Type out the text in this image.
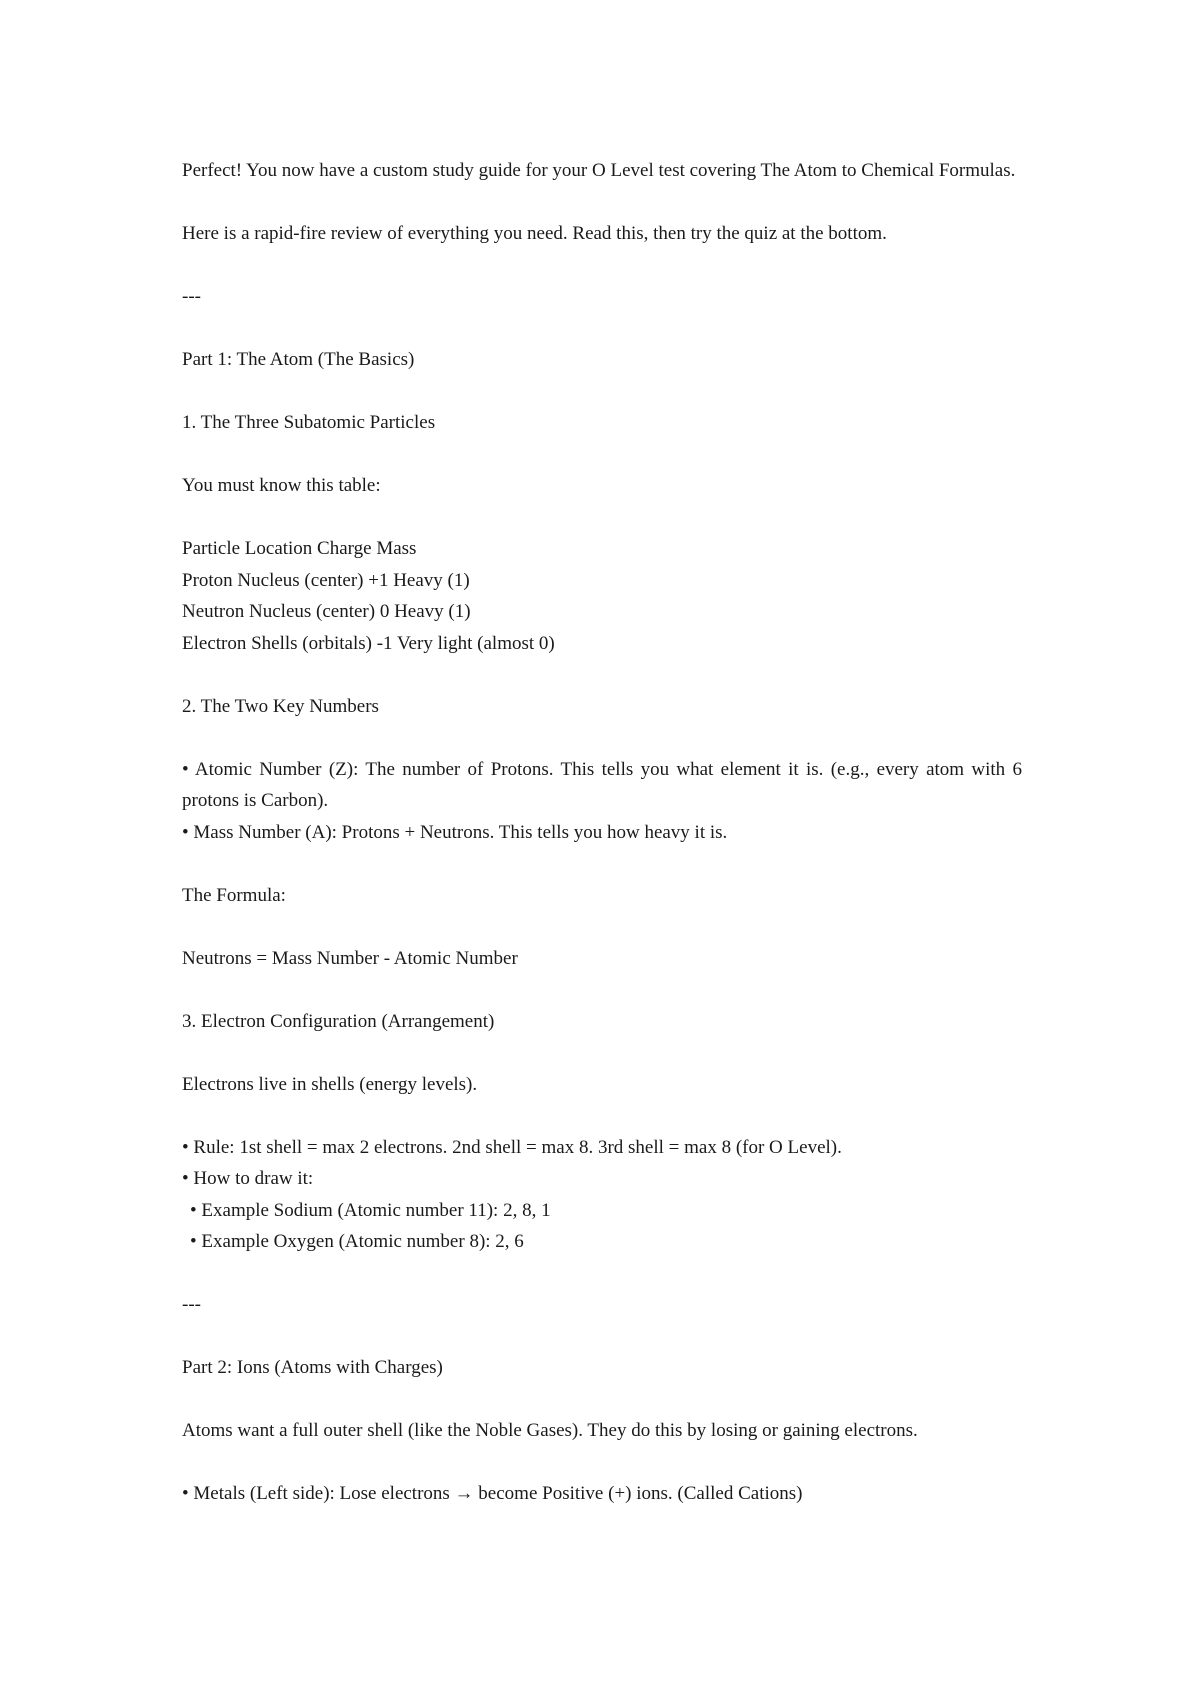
Perfect! You now have a custom study guide for your O Level test covering The Atom to Chemical Formulas.

Here is a rapid-fire review of everything you need. Read this, then try the quiz at the bottom.

---

Part 1: The Atom (The Basics)

1. The Three Subatomic Particles

You must know this table:

Particle Location Charge Mass
Proton Nucleus (center) +1 Heavy (1)
Neutron Nucleus (center) 0 Heavy (1)
Electron Shells (orbitals) -1 Very light (almost 0)

2. The Two Key Numbers

• Atomic Number (Z): The number of Protons. This tells you what element it is. (e.g., every atom with 6 protons is Carbon).
• Mass Number (A): Protons + Neutrons. This tells you how heavy it is.

The Formula:

Neutrons = Mass Number - Atomic Number

3. Electron Configuration (Arrangement)

Electrons live in shells (energy levels).

• Rule: 1st shell = max 2 electrons. 2nd shell = max 8. 3rd shell = max 8 (for O Level).
• How to draw it:
• Example Sodium (Atomic number 11): 2, 8, 1
• Example Oxygen (Atomic number 8): 2, 6

---

Part 2: Ions (Atoms with Charges)

Atoms want a full outer shell (like the Noble Gases). They do this by losing or gaining electrons.

• Metals (Left side): Lose electrons → become Positive (+) ions. (Called Cations)
